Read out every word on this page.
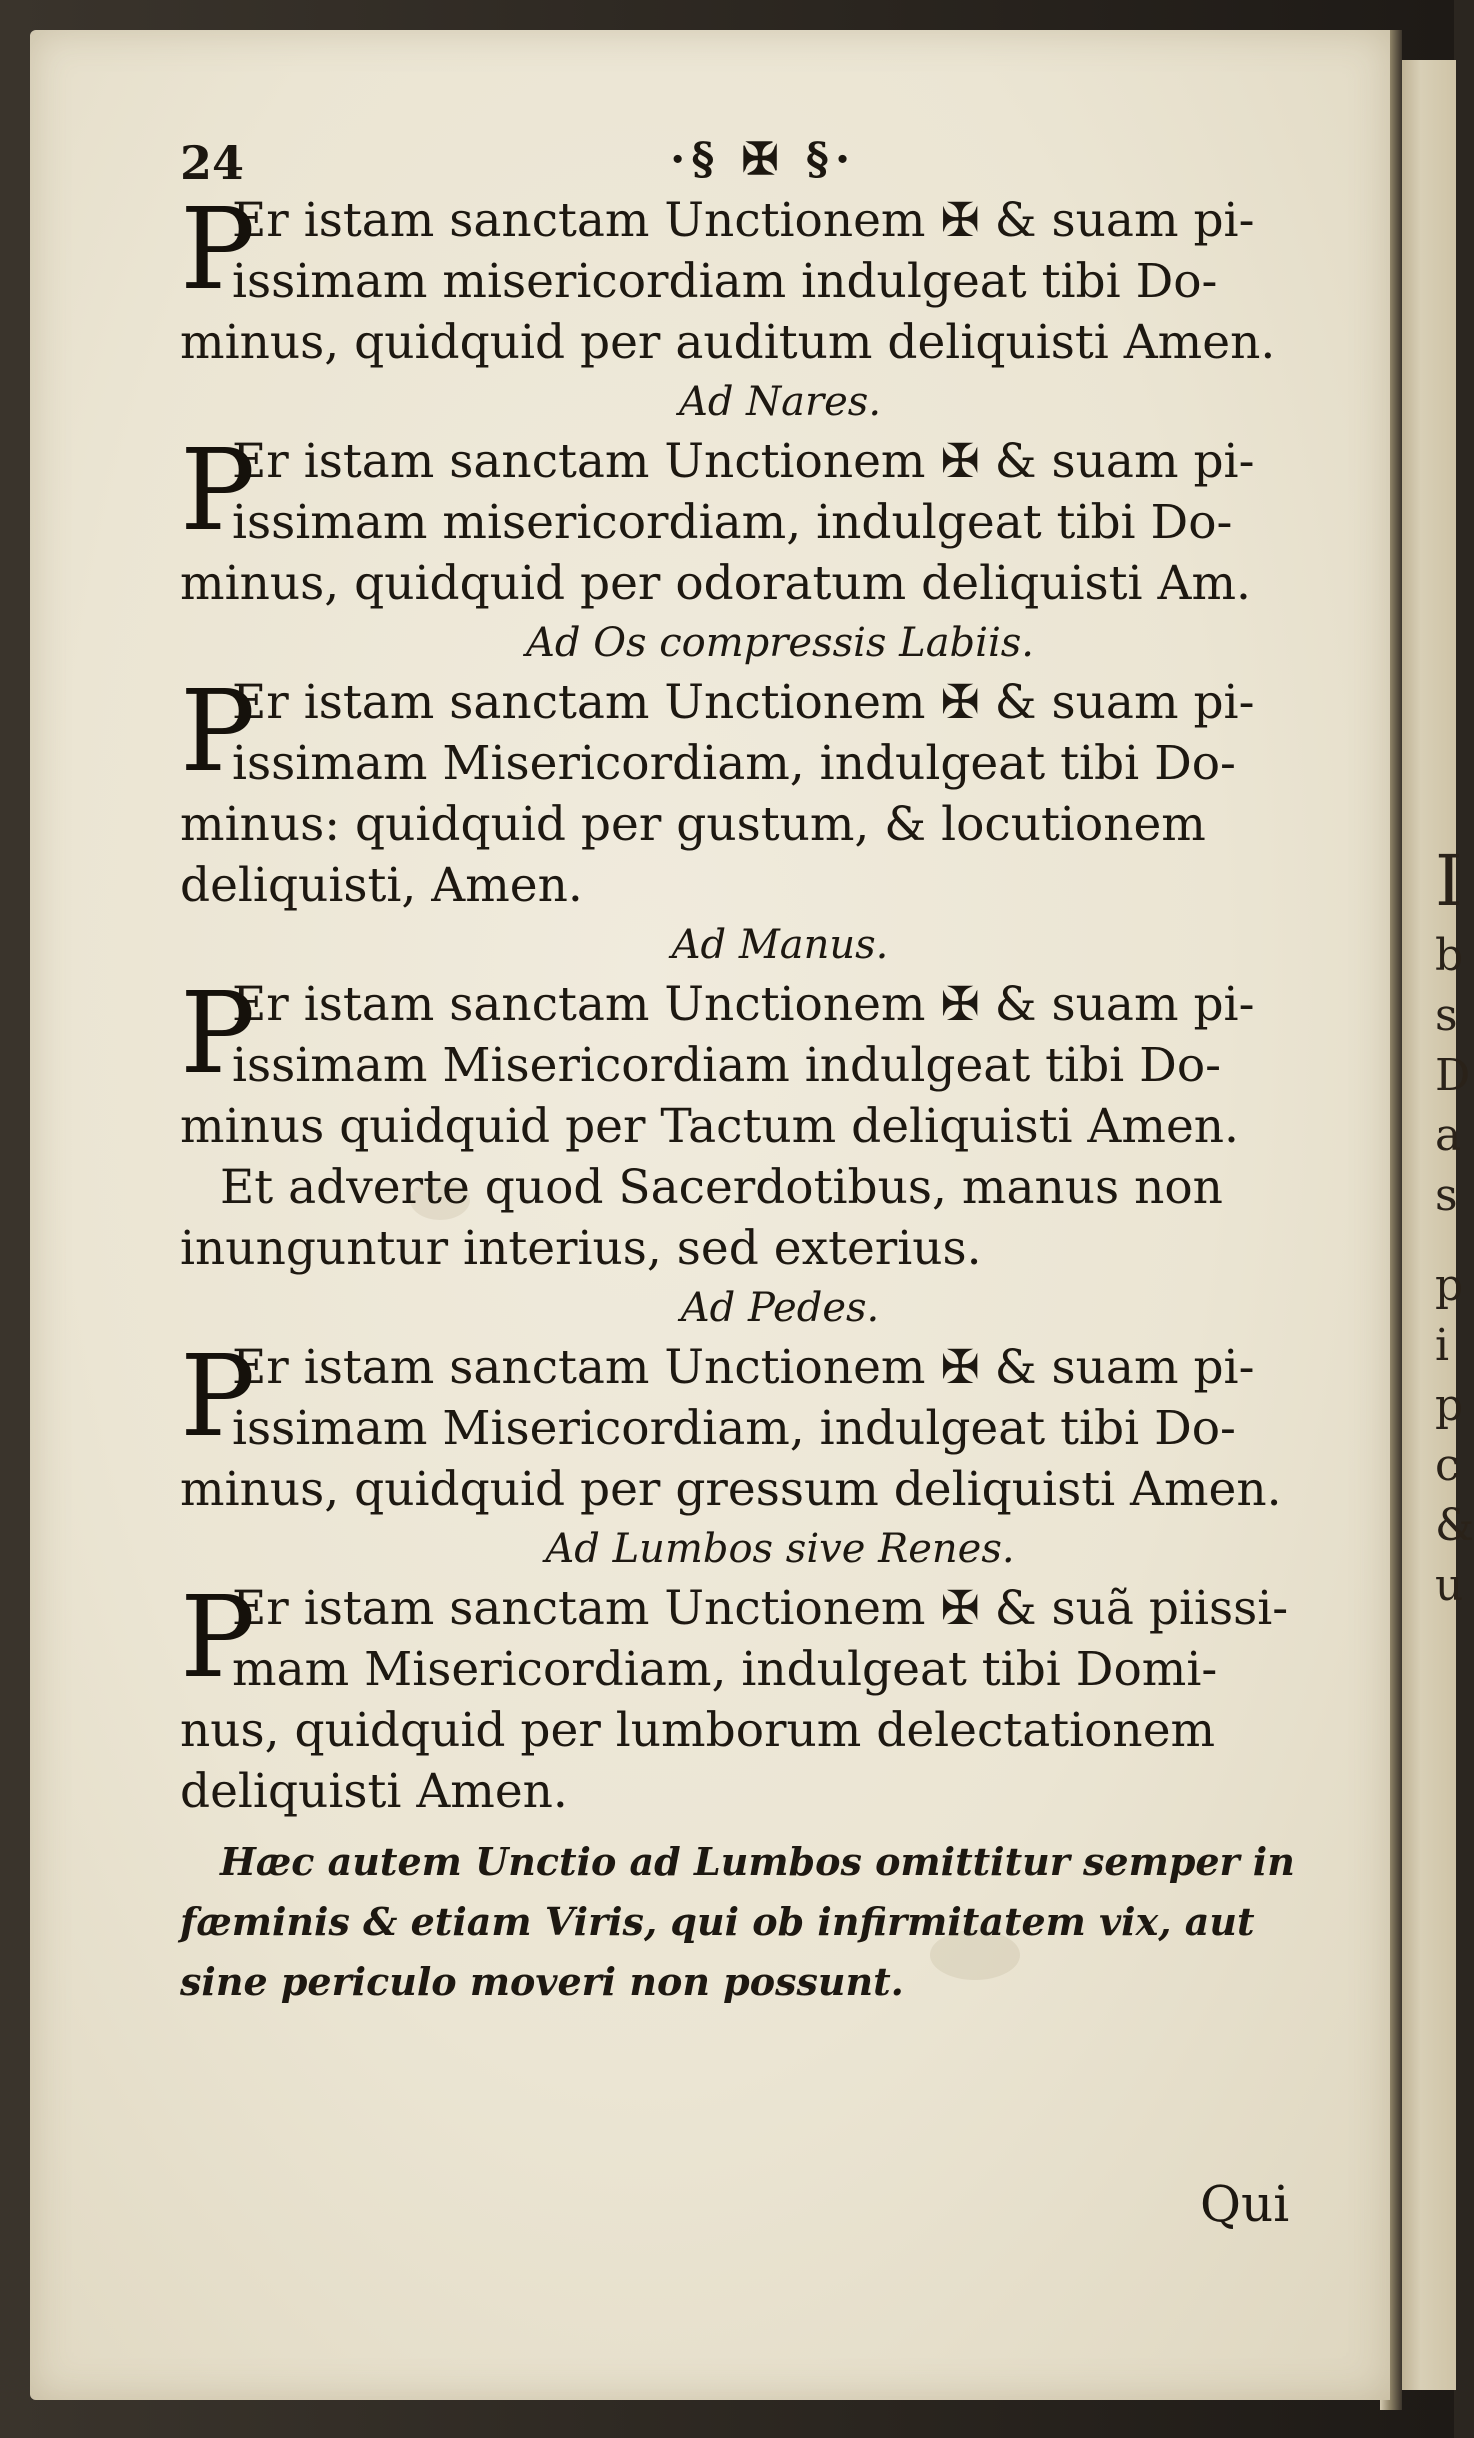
I
b
s
D
a
s
p
i
p
c
&
u
24	·§ ✠ §·
P
Er istam sanctam Unctionem ✠ & suam pi-
issimam misericordiam indulgeat tibi Do-
minus, quidquid per auditum deliquisti Amen.
Ad Nares.
P
Er istam sanctam Unctionem ✠ & suam pi-
issimam misericordiam, indulgeat tibi Do-
minus, quidquid per odoratum deliquisti Am.
Ad Os compressis Labiis.
P
Er istam sanctam Unctionem ✠ & suam pi-
issimam Misericordiam, indulgeat tibi Do-
minus: quidquid per gustum, & locutionem
deliquisti, Amen.
Ad Manus.
P
Er istam sanctam Unctionem ✠ & suam pi-
issimam Misericordiam indulgeat tibi Do-
minus quidquid per Tactum deliquisti Amen.
Et adverte quod Sacerdotibus, manus non
inunguntur interius, sed exterius.
Ad Pedes.
P
Er istam sanctam Unctionem ✠ & suam pi-
issimam Misericordiam, indulgeat tibi Do-
minus, quidquid per gressum deliquisti Amen.
Ad Lumbos sive Renes.
P
Er istam sanctam Unctionem ✠ & suã piissi-
mam Misericordiam, indulgeat tibi Domi-
nus, quidquid per lumborum delectationem
deliquisti Amen.
Hæc autem Unctio ad Lumbos omittitur semper in
fæminis & etiam Viris, qui ob infirmitatem vix, aut
sine periculo moveri non possunt.
Qui
